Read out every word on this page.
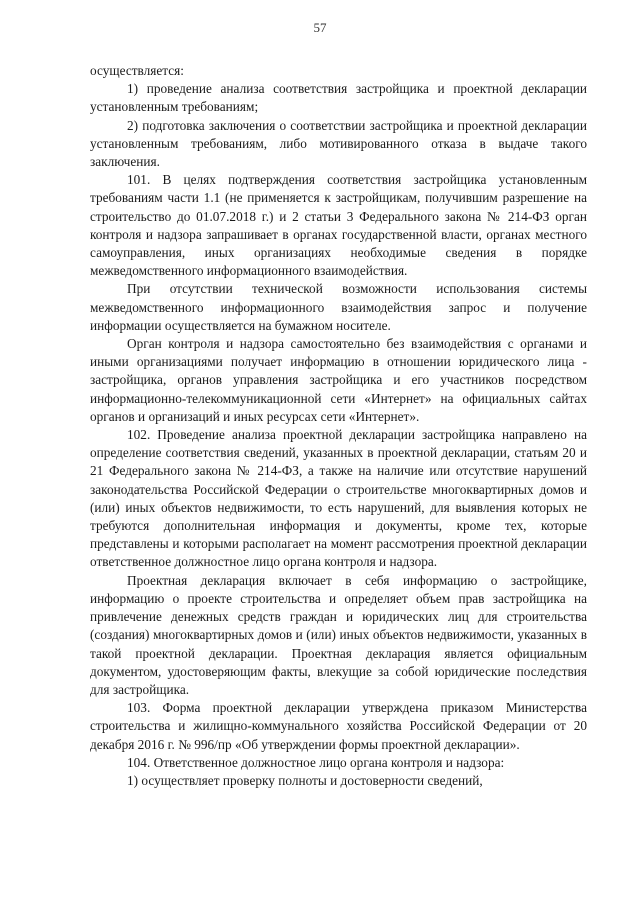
57

осуществляется:

1) проведение анализа соответствия застройщика и проектной декларации установленным требованиям;

2) подготовка заключения о соответствии застройщика и проектной декларации установленным требованиям, либо мотивированного отказа в выдаче такого заключения.

101. В целях подтверждения соответствия застройщика установленным требованиям части 1.1 (не применяется к застройщикам, получившим разрешение на строительство до 01.07.2018 г.) и 2 статьи 3 Федерального закона № 214-ФЗ орган контроля и надзора запрашивает в органах государственной власти, органах местного самоуправления, иных организациях необходимые сведения в порядке межведомственного информационного взаимодействия.

При отсутствии технической возможности использования системы межведомственного информационного взаимодействия запрос и получение информации осуществляется на бумажном носителе.

Орган контроля и надзора самостоятельно без взаимодействия с органами и иными организациями получает информацию в отношении юридического лица - застройщика, органов управления застройщика и его участников посредством информационно-телекоммуникационной сети «Интернет» на официальных сайтах органов и организаций и иных ресурсах сети «Интернет».

102. Проведение анализа проектной декларации застройщика направлено на определение соответствия сведений, указанных в проектной декларации, статьям 20 и 21 Федерального закона № 214-ФЗ, а также на наличие или отсутствие нарушений законодательства Российской Федерации о строительстве многоквартирных домов и (или) иных объектов недвижимости, то есть нарушений, для выявления которых не требуются дополнительная информация и документы, кроме тех, которые представлены и которыми располагает на момент рассмотрения проектной декларации ответственное должностное лицо органа контроля и надзора.

Проектная декларация включает в себя информацию о застройщике, информацию о проекте строительства и определяет объем прав застройщика на привлечение денежных средств граждан и юридических лиц для строительства (создания) многоквартирных домов и (или) иных объектов недвижимости, указанных в такой проектной декларации. Проектная декларация является официальным документом, удостоверяющим факты, влекущие за собой юридические последствия для застройщика.

103. Форма проектной декларации утверждена приказом Министерства строительства и жилищно-коммунального хозяйства Российской Федерации от 20 декабря 2016 г. № 996/пр «Об утверждении формы проектной декларации».

104. Ответственное должностное лицо органа контроля и надзора:

1) осуществляет проверку полноты и достоверности сведений,
